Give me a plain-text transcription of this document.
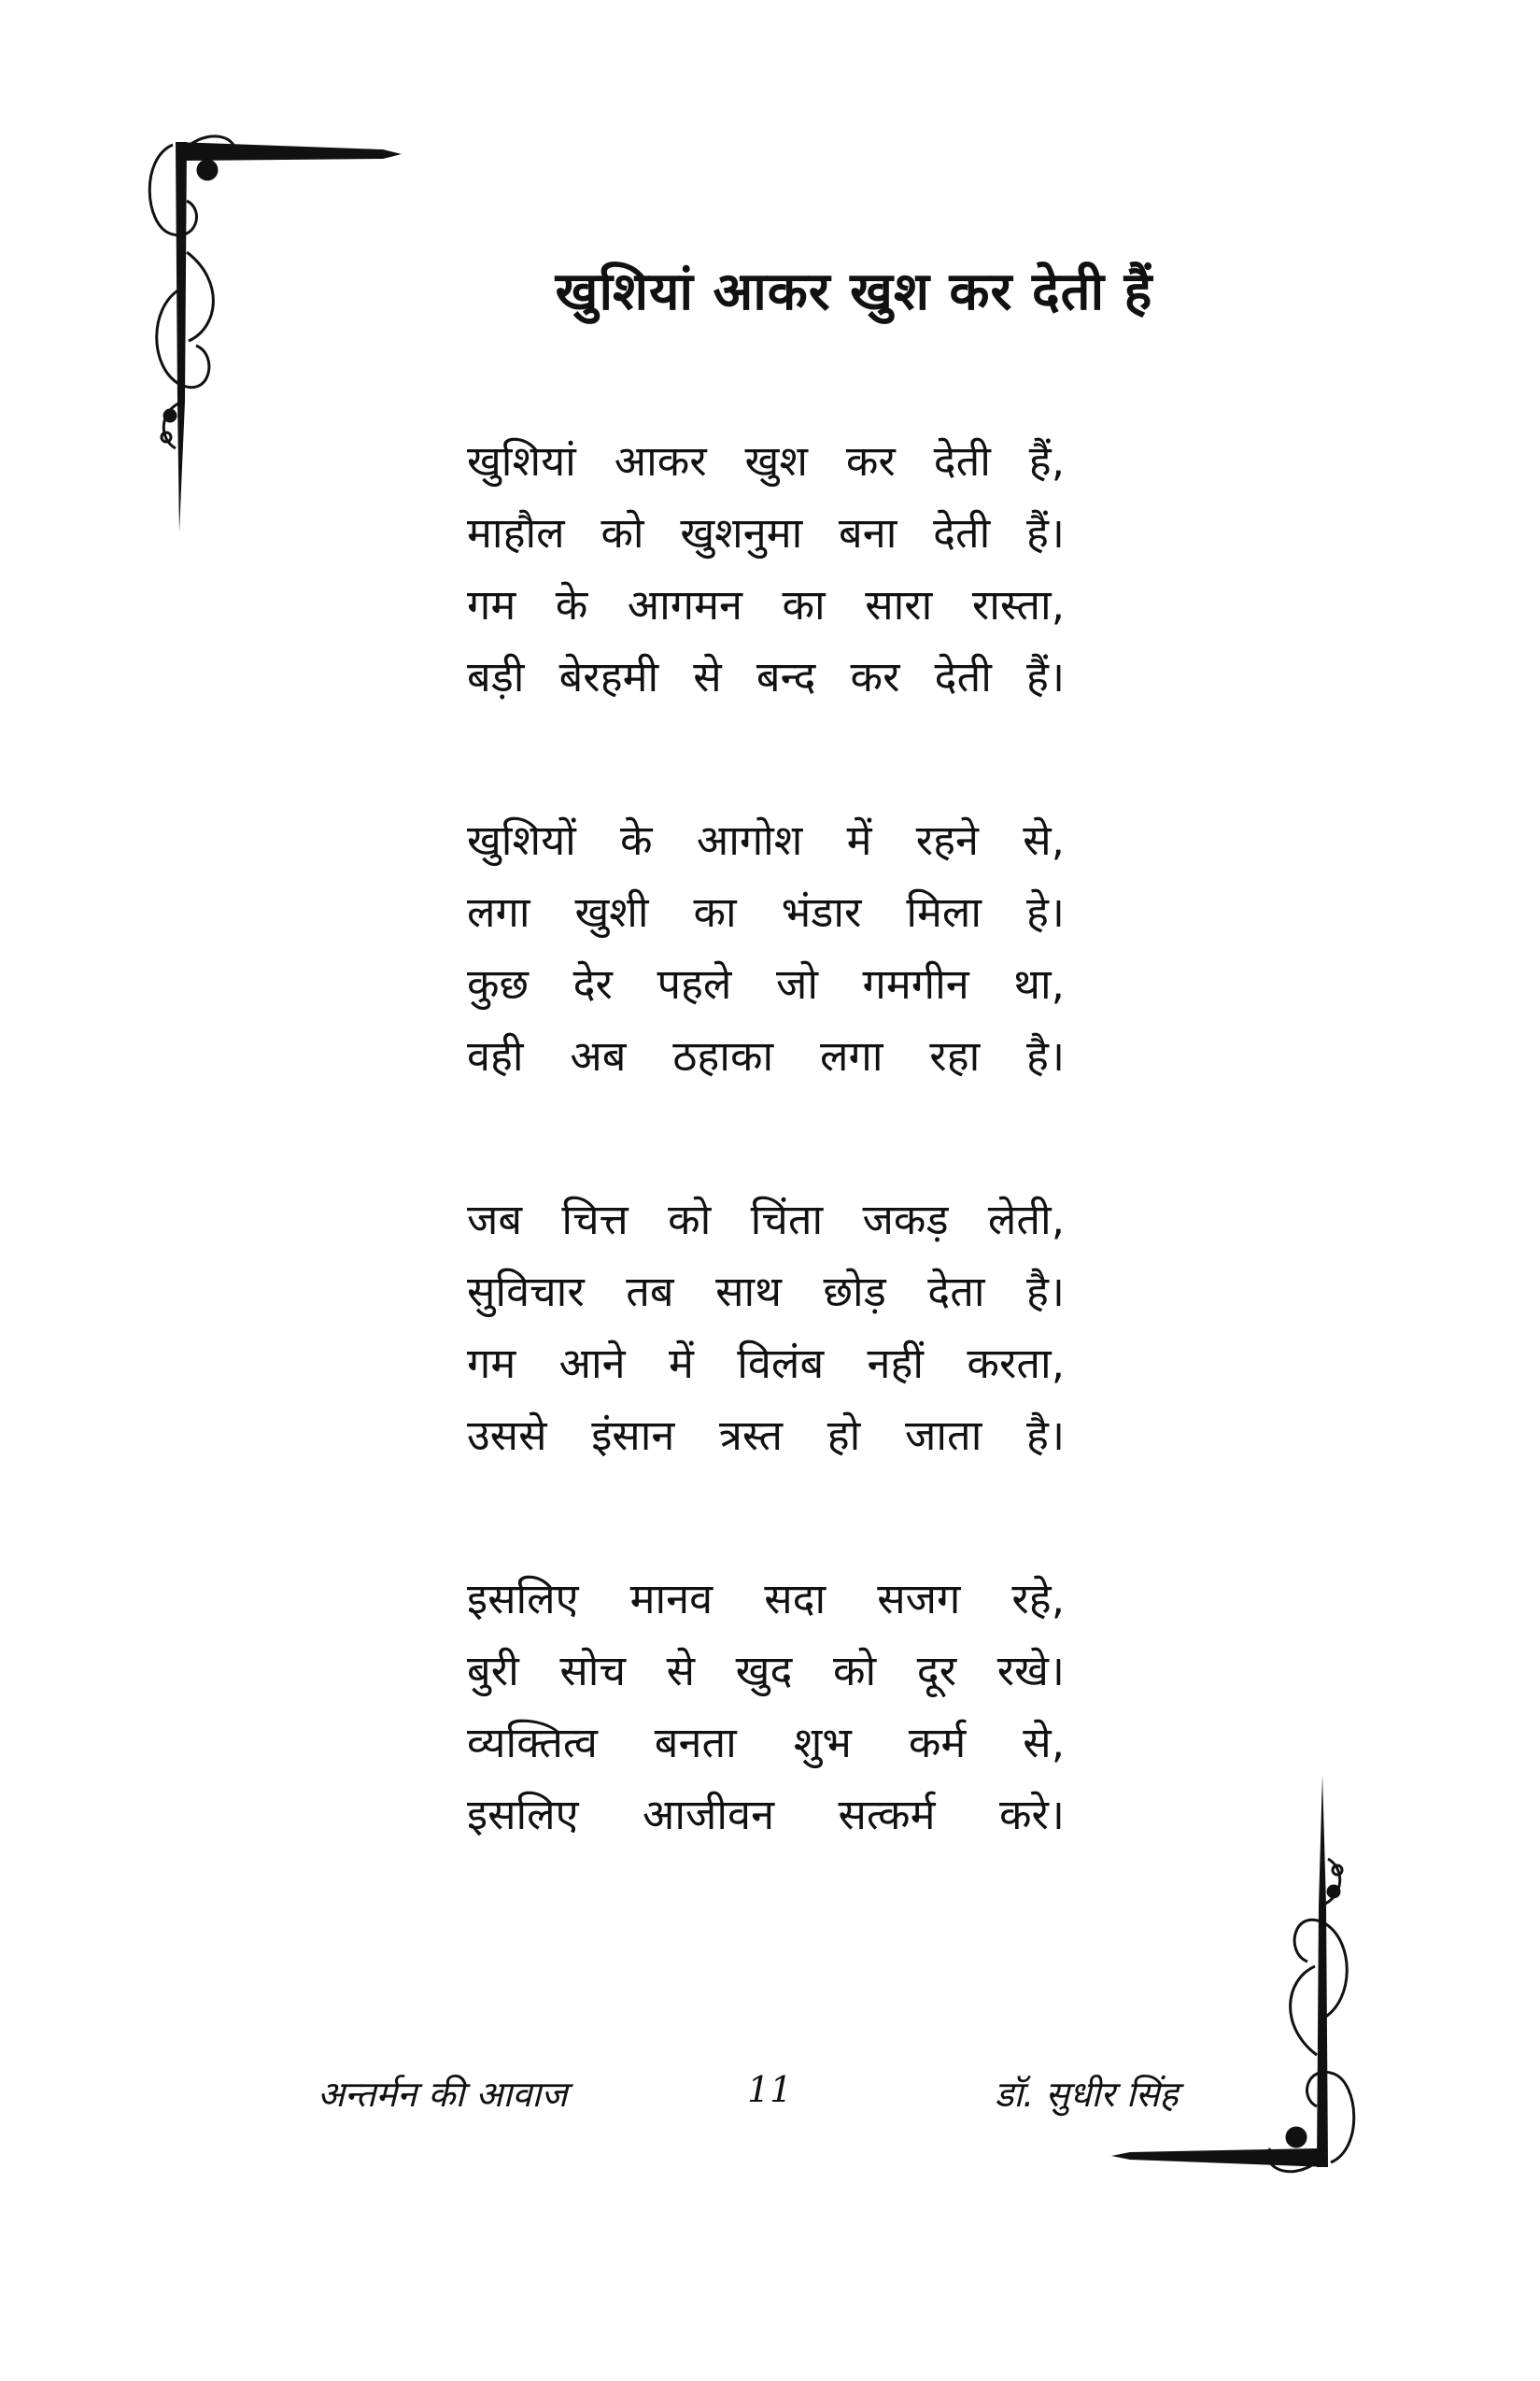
खुशियां आकर खुश कर देती हैं
खुशियां आकर खुश कर देती हैं,
माहौल को खुशनुमा बना देती हैं।
गम के आगमन का सारा रास्ता,
बड़ी बेरहमी से बन्द कर देती हैं।
खुशियों के आगोश में रहने से,
लगा खुशी का भंडार मिला हे।
कुछ देर पहले जो गमगीन था,
वही अब ठहाका लगा रहा है।
जब चित्त को चिंता जकड़ लेती,
सुविचार तब साथ छोड़ देता है।
गम आने में विलंब नहीं करता,
उससे इंसान त्रस्त हो जाता है।
इसलिए मानव सदा सजग रहे,
बुरी सोच से खुद को दूर रखे।
व्यक्तित्व बनता शुभ कर्म से,
इसलिए आजीवन सत्कर्म करे।
अन्तर्मन की आवाज	11	डॉ. सुधीर सिंह
